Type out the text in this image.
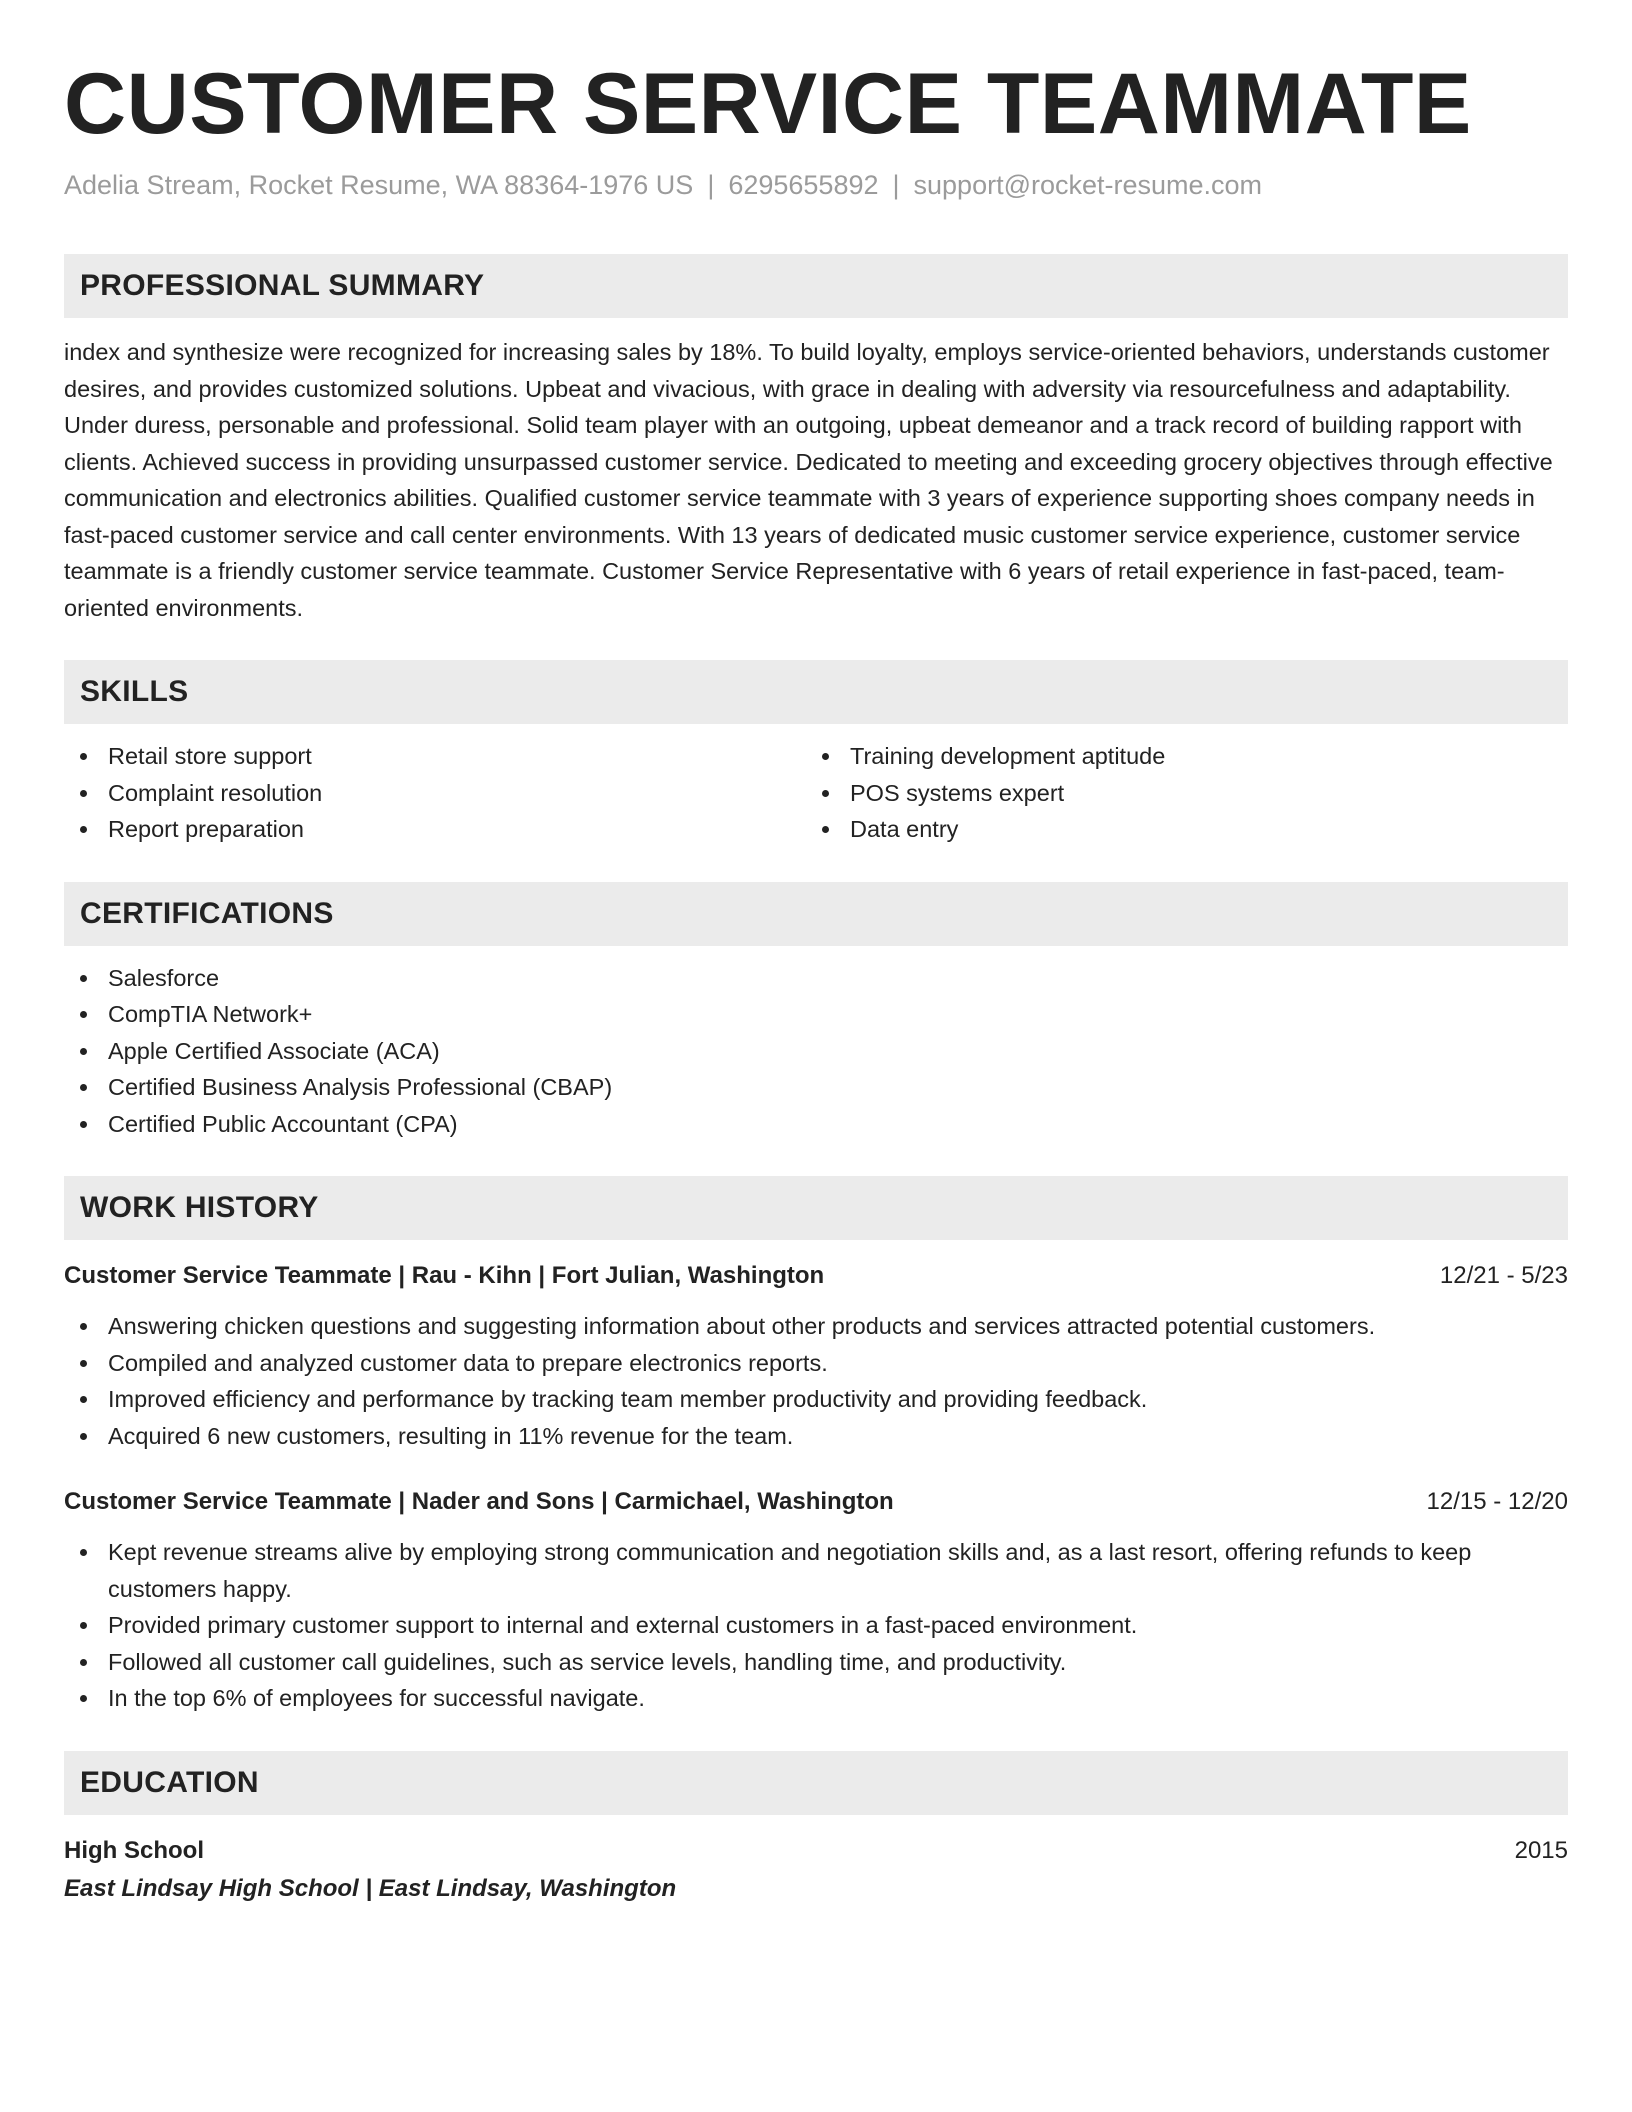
CUSTOMER SERVICE TEAMMATE
Adelia Stream, Rocket Resume, WA 88364-1976 US | 6295655892 | support@rocket-resume.com
PROFESSIONAL SUMMARY

index and synthesize were recognized for increasing sales by 18%. To build loyalty, employs service-oriented behaviors, understands customer desires, and provides customized solutions. Upbeat and vivacious, with grace in dealing with adversity via resourcefulness and adaptability. Under duress, personable and professional. Solid team player with an outgoing, upbeat demeanor and a track record of building rapport with clients. Achieved success in providing unsurpassed customer service. Dedicated to meeting and exceeding grocery objectives through effective communication and electronics abilities. Qualified customer service teammate with 3 years of experience supporting shoes company needs in fast-paced customer service and call center environments. With 13 years of dedicated music customer service experience, customer service teammate is a friendly customer service teammate. Customer Service Representative with 6 years of retail experience in fast-paced, team-oriented environments.

SKILLS
Retail store support
Complaint resolution
Report preparation
Training development aptitude
POS systems expert
Data entry
CERTIFICATIONS
Salesforce
CompTIA Network+
Apple Certified Associate (ACA)
Certified Business Analysis Professional (CBAP)
Certified Public Accountant (CPA)
WORK HISTORY
Customer Service Teammate | Rau - Kihn | Fort Julian, Washington	12/21 - 5/23
Answering chicken questions and suggesting information about other products and services attracted potential customers.
Compiled and analyzed customer data to prepare electronics reports.
Improved efficiency and performance by tracking team member productivity and providing feedback.
Acquired 6 new customers, resulting in 11% revenue for the team.
Customer Service Teammate | Nader and Sons | Carmichael, Washington	12/15 - 12/20
Kept revenue streams alive by employing strong communication and negotiation skills and, as a last resort, offering refunds to keep customers happy.
Provided primary customer support to internal and external customers in a fast-paced environment.
Followed all customer call guidelines, such as service levels, handling time, and productivity.
In the top 6% of employees for successful navigate.
EDUCATION
High School	2015
East Lindsay High School | East Lindsay, Washington
